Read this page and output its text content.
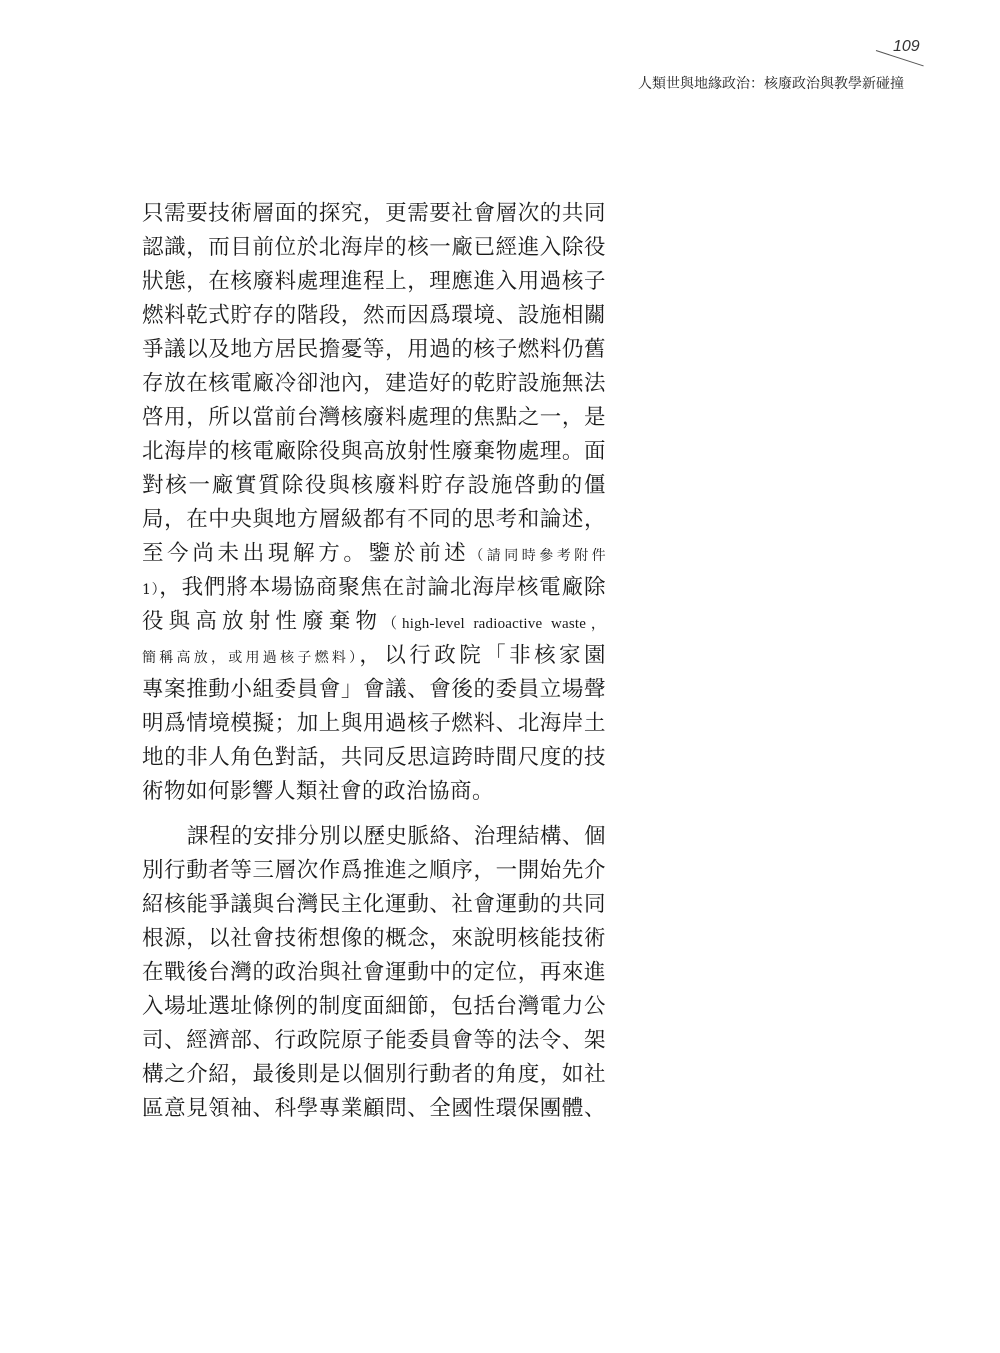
109
人類世與地緣政治：核廢政治與教學新碰撞
只需要技術層面的探究，更需要社會層次的共同
認識，而目前位於北海岸的核一廠已經進入除役
狀態，在核廢料處理進程上，理應進入用過核子
燃料乾式貯存的階段，然而因爲環境、設施相關
爭議以及地方居民擔憂等，用過的核子燃料仍舊
存放在核電廠冷卻池內，建造好的乾貯設施無法
啓用，所以當前台灣核廢料處理的焦點之一，是
北海岸的核電廠除役與高放射性廢棄物處理。面
對核一廠實質除役與核廢料貯存設施啓動的僵
局，在中央與地方層級都有不同的思考和論述，
至今尚未出現解方。鑒於前述（請同時參考附件
1），我們將本場協商聚焦在討論北海岸核電廠除
役與高放射性廢棄物（high-level radioactive waste，
簡稱高放，或用過核子燃料），以行政院「非核家園
專案推動小組委員會」會議、會後的委員立場聲
明爲情境模擬；加上與用過核子燃料、北海岸土
地的非人角色對話，共同反思這跨時間尺度的技
術物如何影響人類社會的政治協商。
課程的安排分別以歷史脈絡、治理結構、個
別行動者等三層次作爲推進之順序，一開始先介
紹核能爭議與台灣民主化運動、社會運動的共同
根源，以社會技術想像的概念，來說明核能技術
在戰後台灣的政治與社會運動中的定位，再來進
入場址選址條例的制度面細節，包括台灣電力公
司、經濟部、行政院原子能委員會等的法令、架
構之介紹，最後則是以個別行動者的角度，如社
區意見領袖、科學專業顧問、全國性環保團體、
